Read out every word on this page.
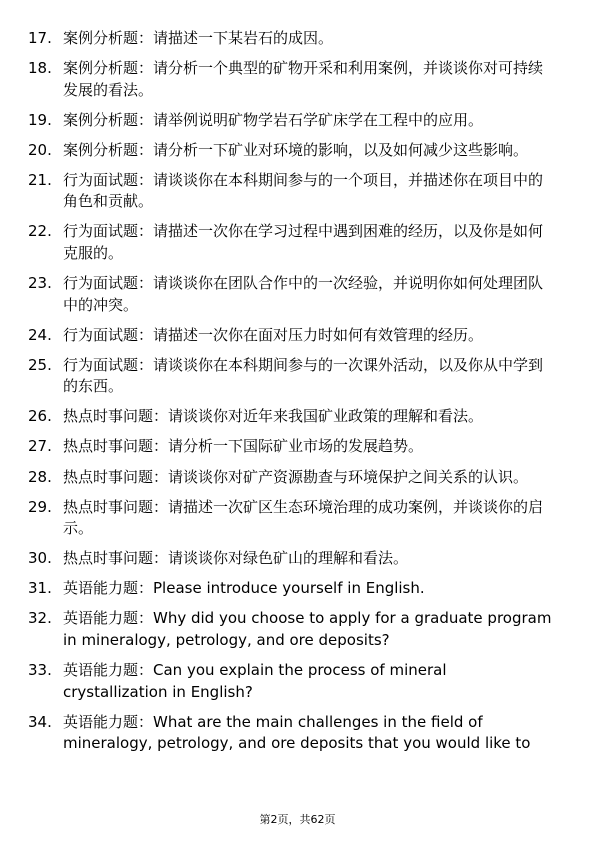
17. 案例分析题：请描述一下某岩石的成因。
18. 案例分析题：请分析一个典型的矿物开采和利用案例，并谈谈你对可持续发展的看法。
19. 案例分析题：请举例说明矿物学岩石学矿床学在工程中的应用。
20. 案例分析题：请分析一下矿业对环境的影响，以及如何减少这些影响。
21. 行为面试题：请谈谈你在本科期间参与的一个项目，并描述你在项目中的角色和贡献。
22. 行为面试题：请描述一次你在学习过程中遇到困难的经历，以及你是如何克服的。
23. 行为面试题：请谈谈你在团队合作中的一次经验，并说明你如何处理团队中的冲突。
24. 行为面试题：请描述一次你在面对压力时如何有效管理的经历。
25. 行为面试题：请谈谈你在本科期间参与的一次课外活动，以及你从中学到的东西。
26. 热点时事问题：请谈谈你对近年来我国矿业政策的理解和看法。
27. 热点时事问题：请分析一下国际矿业市场的发展趋势。
28. 热点时事问题：请谈谈你对矿产资源勘查与环境保护之间关系的认识。
29. 热点时事问题：请描述一次矿区生态环境治理的成功案例，并谈谈你的启示。
30. 热点时事问题：请谈谈你对绿色矿山的理解和看法。
31. 英语能力题：Please introduce yourself in English.
32. 英语能力题：Why did you choose to apply for a graduate program in mineralogy, petrology, and ore deposits?
33. 英语能力题：Can you explain the process of mineral crystallization in English?
34. 英语能力题：What are the main challenges in the field of mineralogy, petrology, and ore deposits that you would like to
第2页，共62页
